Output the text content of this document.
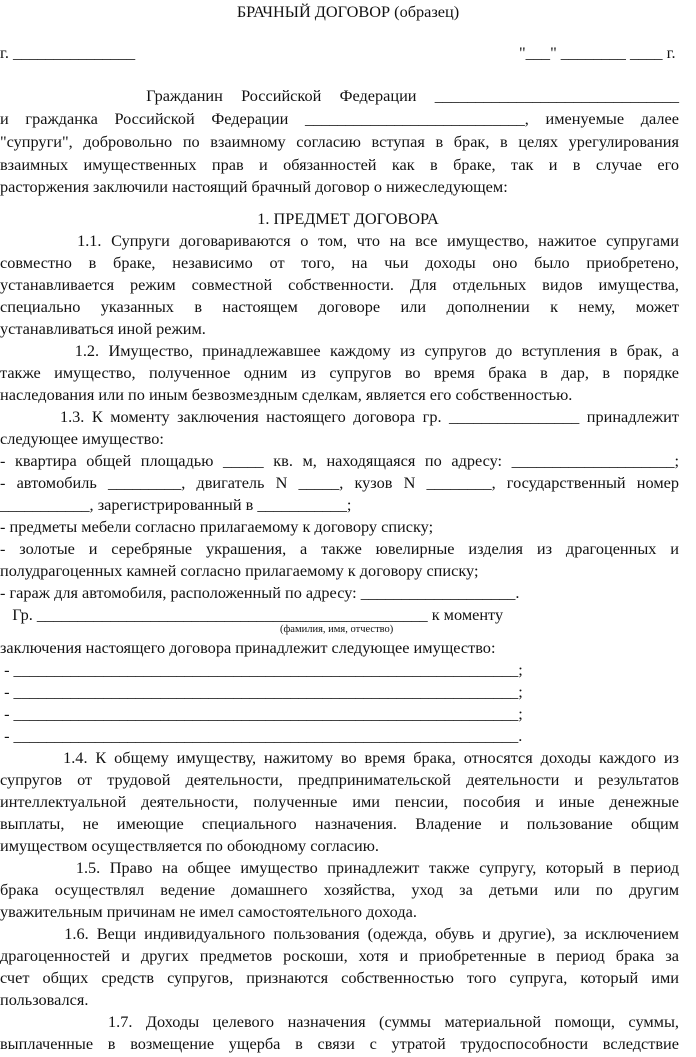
БРАЧНЫЙ ДОГОВОР (образец)
г. _______________	"___" ________ ____ г.
Гражданин Российской Федерации ______________________________
и гражданка Российской Федерации ___________________________, именуемые далее
"супруги", добровольно по взаимному согласию вступая в брак, в целях урегулирования
взаимных имущественных прав и обязанностей как в браке, так и в случае его
расторжения заключили настоящий брачный договор о нижеследующем:
1. ПРЕДМЕТ ДОГОВОРА
1.1. Супруги договариваются о том, что на все имущество, нажитое супругами
совместно в браке, независимо от того, на чьи доходы оно было приобретено,
устанавливается режим совместной собственности. Для отдельных видов имущества,
специально указанных в настоящем договоре или дополнении к нему, может
устанавливаться иной режим.
1.2. Имущество, принадлежавшее каждому из супругов до вступления в брак, а
также имущество, полученное одним из супругов во время брака в дар, в порядке
наследования или по иным безвозмездным сделкам, является его собственностью.
1.3. К моменту заключения настоящего договора гр. ________________ принадлежит
следующее имущество:
- квартира общей площадью _____ кв. м, находящаяся по адресу: ____________________;
- автомобиль _________, двигатель N _____, кузов N ________, государственный номер
___________, зарегистрированный в ___________;
- предметы мебели согласно прилагаемому к договору списку;
- золотые и серебряные украшения, а также ювелирные изделия из драгоценных и
полудрагоценных камней согласно прилагаемому к договору списку;
- гараж для автомобиля, расположенный по адресу: ___________________.
Гр. ________________________________________________ к моменту
(фамилия, имя, отчество)
заключения настоящего договора принадлежит следующее имущество:
- ______________________________________________________________;
- ______________________________________________________________;
- ______________________________________________________________;
- ______________________________________________________________.
1.4. К общему имуществу, нажитому во время брака, относятся доходы каждого из
супругов от трудовой деятельности, предпринимательской деятельности и результатов
интеллектуальной деятельности, полученные ими пенсии, пособия и иные денежные
выплаты, не имеющие специального назначения. Владение и пользование общим
имуществом осуществляется по обоюдному согласию.
1.5. Право на общее имущество принадлежит также супругу, который в период
брака осуществлял ведение домашнего хозяйства, уход за детьми или по другим
уважительным причинам не имел самостоятельного дохода.
1.6. Вещи индивидуального пользования (одежда, обувь и другие), за исключением
драгоценностей и других предметов роскоши, хотя и приобретенные в период брака за
счет общих средств супругов, признаются собственностью того супруга, который ими
пользовался.
1.7. Доходы целевого назначения (суммы материальной помощи, суммы,
выплаченные в возмещение ущерба в связи с утратой трудоспособности вследствие
